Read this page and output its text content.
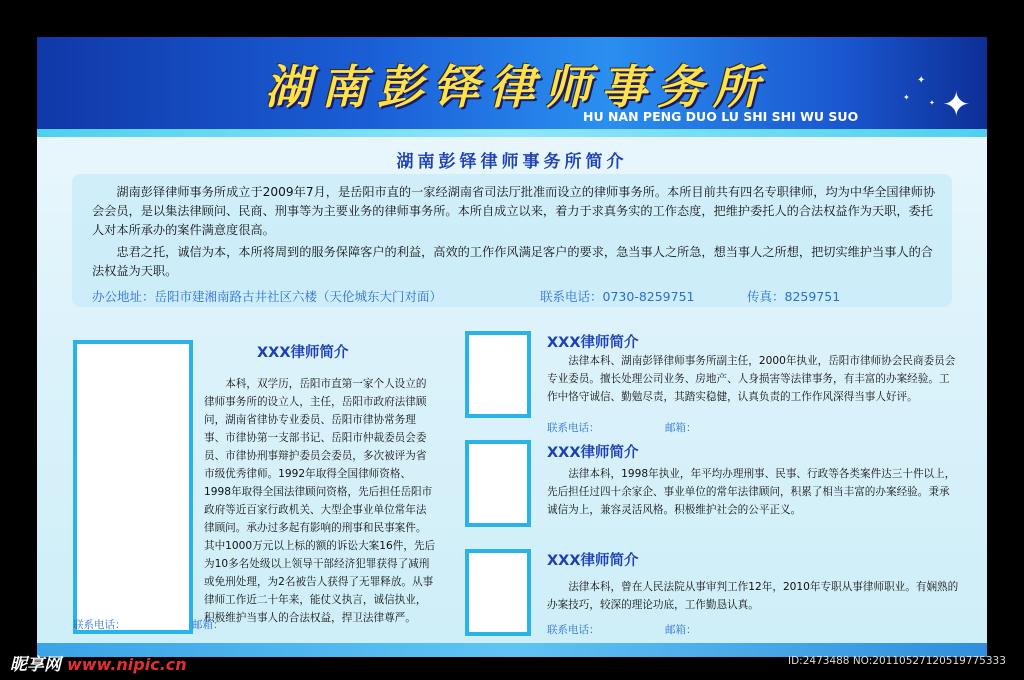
湖南彭铎律师事务所
HU NAN PENG DUO LU SHI SHI WU SUO	✦
✦
✦
✦
湖南彭铎律师事务所简介
湖南彭铎律师事务所成立于2009年7月，是岳阳市直的一家经湖南省司法厅批准而设立的律师事务所。本所目前共有四名专职律师，均为中华全国律师协会会员，是以集法律顾问、民商、刑事等为主要业务的律师事务所。本所自成立以来，着力于求真务实的工作态度，把维护委托人的合法权益作为天职，委托人对本所承办的案件满意度很高。
忠君之托，诚信为本，本所将周到的服务保障客户的利益，高效的工作作风满足客户的要求，急当事人之所急，想当事人之所想，把切实维护当事人的合法权益为天职。
办公地址：岳阳市建湘南路古井社区六楼（天伦城东大门对面）	联系电话：0730-8259751	传真：8259751
XXX律师简介
本科，双学历，岳阳市直第一家个人设立的律师事务所的设立人，主任，岳阳市政府法律顾问，湖南省律协专业委员、岳阳市律协常务理事、市律协第一支部书记、岳阳市仲裁委员会委员、市律协刑事辩护委员会委员，多次被评为省市级优秀律师。1992年取得全国律师资格、1998年取得全国法律顾问资格，先后担任岳阳市政府等近百家行政机关、大型企事业单位常年法律顾问。承办过多起有影响的刑事和民事案件。其中1000万元以上标的额的诉讼大案16件，先后为10多名处级以上领导干部经济犯罪获得了减刑或免刑处理，为2名被告人获得了无罪释放。从事律师工作近二十年来，能仗义执言，诚信执业，积极维护当事人的合法权益，捍卫法律尊严。
联系电话：	邮箱：
XXX律师简介
法律本科、湖南彭铎律师事务所副主任，2000年执业，岳阳市律师协会民商委员会专业委员。擅长处理公司业务、房地产、人身损害等法律事务，有丰富的办案经验。工作中恪守诚信、勤勉尽责，其踏实稳健，认真负责的工作作风深得当事人好评。
联系电话：	邮箱：
XXX律师简介
法律本科，1998年执业，年平均办理刑事、民事、行政等各类案件达三十件以上，先后担任过四十余家企、事业单位的常年法律顾问，积累了相当丰富的办案经验。秉承诚信为上，兼容灵活风格。积极维护社会的公平正义。
XXX律师简介
法律本科，曾在人民法院从事审判工作12年，2010年专职从事律师职业。有娴熟的办案技巧，较深的理论功底，工作勤恳认真。
联系电话：	邮箱：
昵享网 www.nipic.cn	ID:2473488 NO:20110527120519775333
